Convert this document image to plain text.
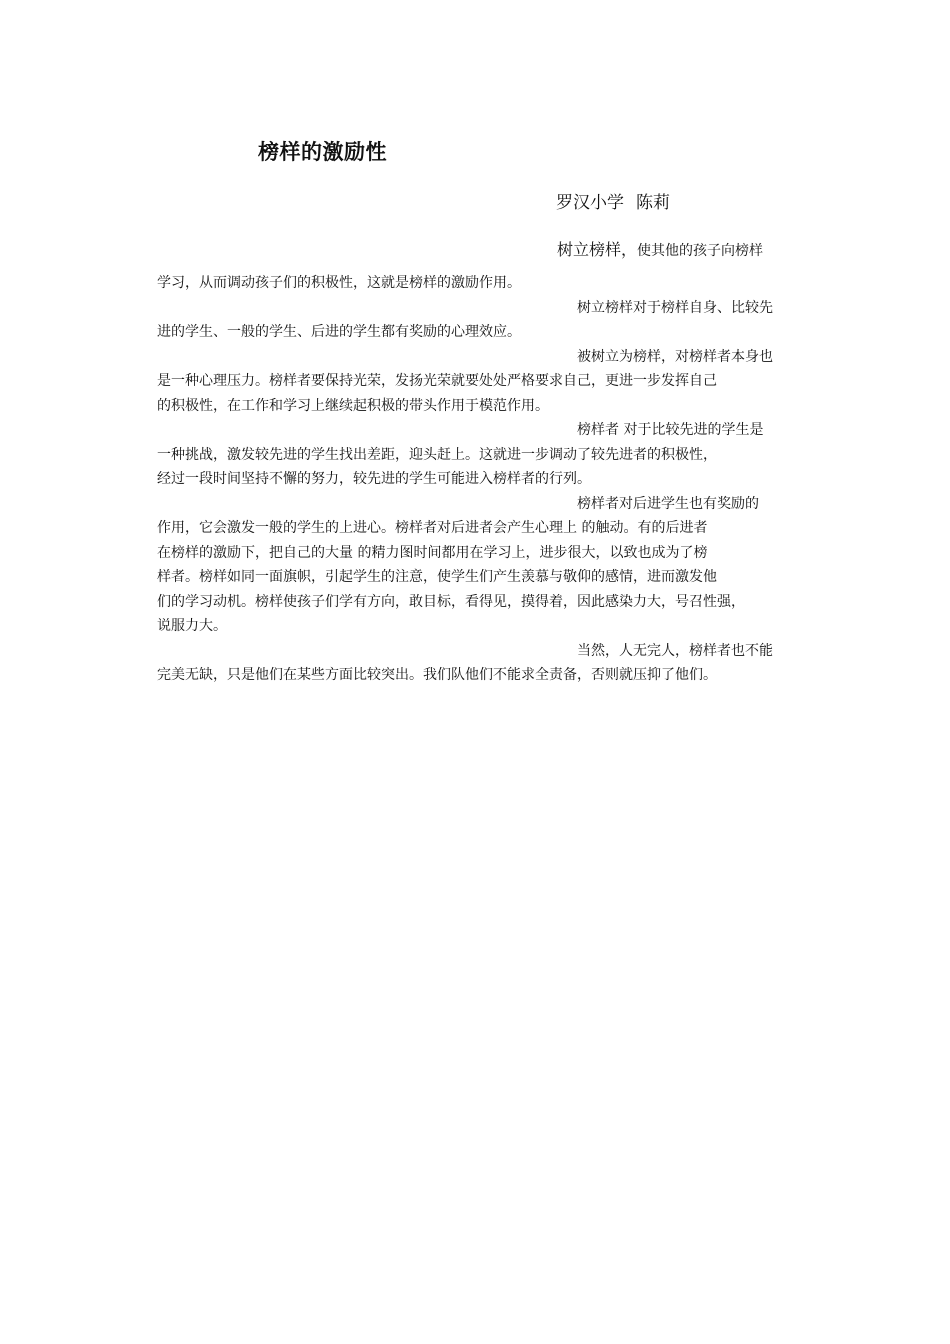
榜样的激励性
罗汉小学 陈莉
树立榜样，使其他的孩子向榜样
学习，从而调动孩子们的积极性，这就是榜样的激励作用。
树立榜样对于榜样自身、比较先
进的学生、一般的学生、后进的学生都有奖励的心理效应。
被树立为榜样，对榜样者本身也
是一种心理压力。榜样者要保持光荣，发扬光荣就要处处严格要求自己，更进一步发挥自己
的积极性，在工作和学习上继续起积极的带头作用于模范作用。
榜样者 对于比较先进的学生是
一种挑战，激发较先进的学生找出差距，迎头赶上。这就进一步调动了较先进者的积极性，
经过一段时间坚持不懈的努力，较先进的学生可能进入榜样者的行列。
榜样者对后进学生也有奖励的
作用，它会激发一般的学生的上进心。榜样者对后进者会产生心理上 的触动。有的后进者
在榜样的激励下，把自己的大量 的精力图时间都用在学习上，进步很大，以致也成为了榜
样者。榜样如同一面旗帜，引起学生的注意，使学生们产生羡慕与敬仰的感情，进而激发他
们的学习动机。榜样使孩子们学有方向，敢目标，看得见，摸得着，因此感染力大，号召性强，
说服力大。
当然，人无完人，榜样者也不能
完美无缺，只是他们在某些方面比较突出。我们队他们不能求全责备，否则就压抑了他们。
